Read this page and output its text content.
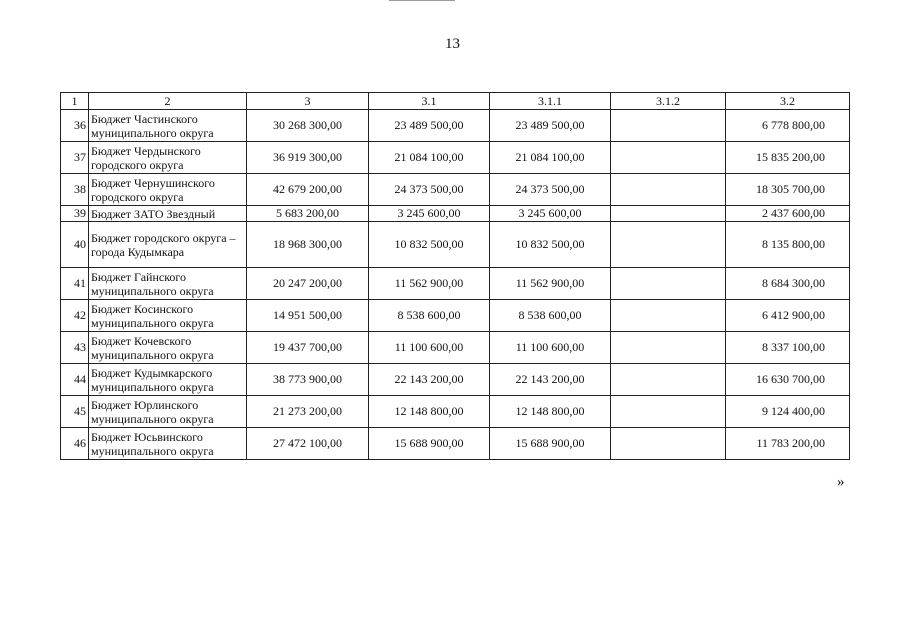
13
1	2	3	3.1	3.1.1	3.1.2	3.2
36	Бюджет Частинского муниципального округа	30 268 300,00	23 489 500,00	23 489 500,00		6 778 800,00
37	Бюджет Чердынского городского округа	36 919 300,00	21 084 100,00	21 084 100,00		15 835 200,00
38	Бюджет Чернушинского городского округа	42 679 200,00	24 373 500,00	24 373 500,00		18 305 700,00
39	Бюджет ЗАТО Звездный	5 683 200,00	3 245 600,00	3 245 600,00		2 437 600,00
40	Бюджет городского округа – города Кудымкара	18 968 300,00	10 832 500,00	10 832 500,00		8 135 800,00
41	Бюджет Гайнского муниципального округа	20 247 200,00	11 562 900,00	11 562 900,00		8 684 300,00
42	Бюджет Косинского муниципального округа	14 951 500,00	8 538 600,00	8 538 600,00		6 412 900,00
43	Бюджет Кочевского муниципального округа	19 437 700,00	11 100 600,00	11 100 600,00		8 337 100,00
44	Бюджет Кудымкарского муниципального округа	38 773 900,00	22 143 200,00	22 143 200,00		16 630 700,00
45	Бюджет Юрлинского муниципального округа	21 273 200,00	12 148 800,00	12 148 800,00		9 124 400,00
46	Бюджет Юсьвинского муниципального округа	27 472 100,00	15 688 900,00	15 688 900,00		11 783 200,00
»
